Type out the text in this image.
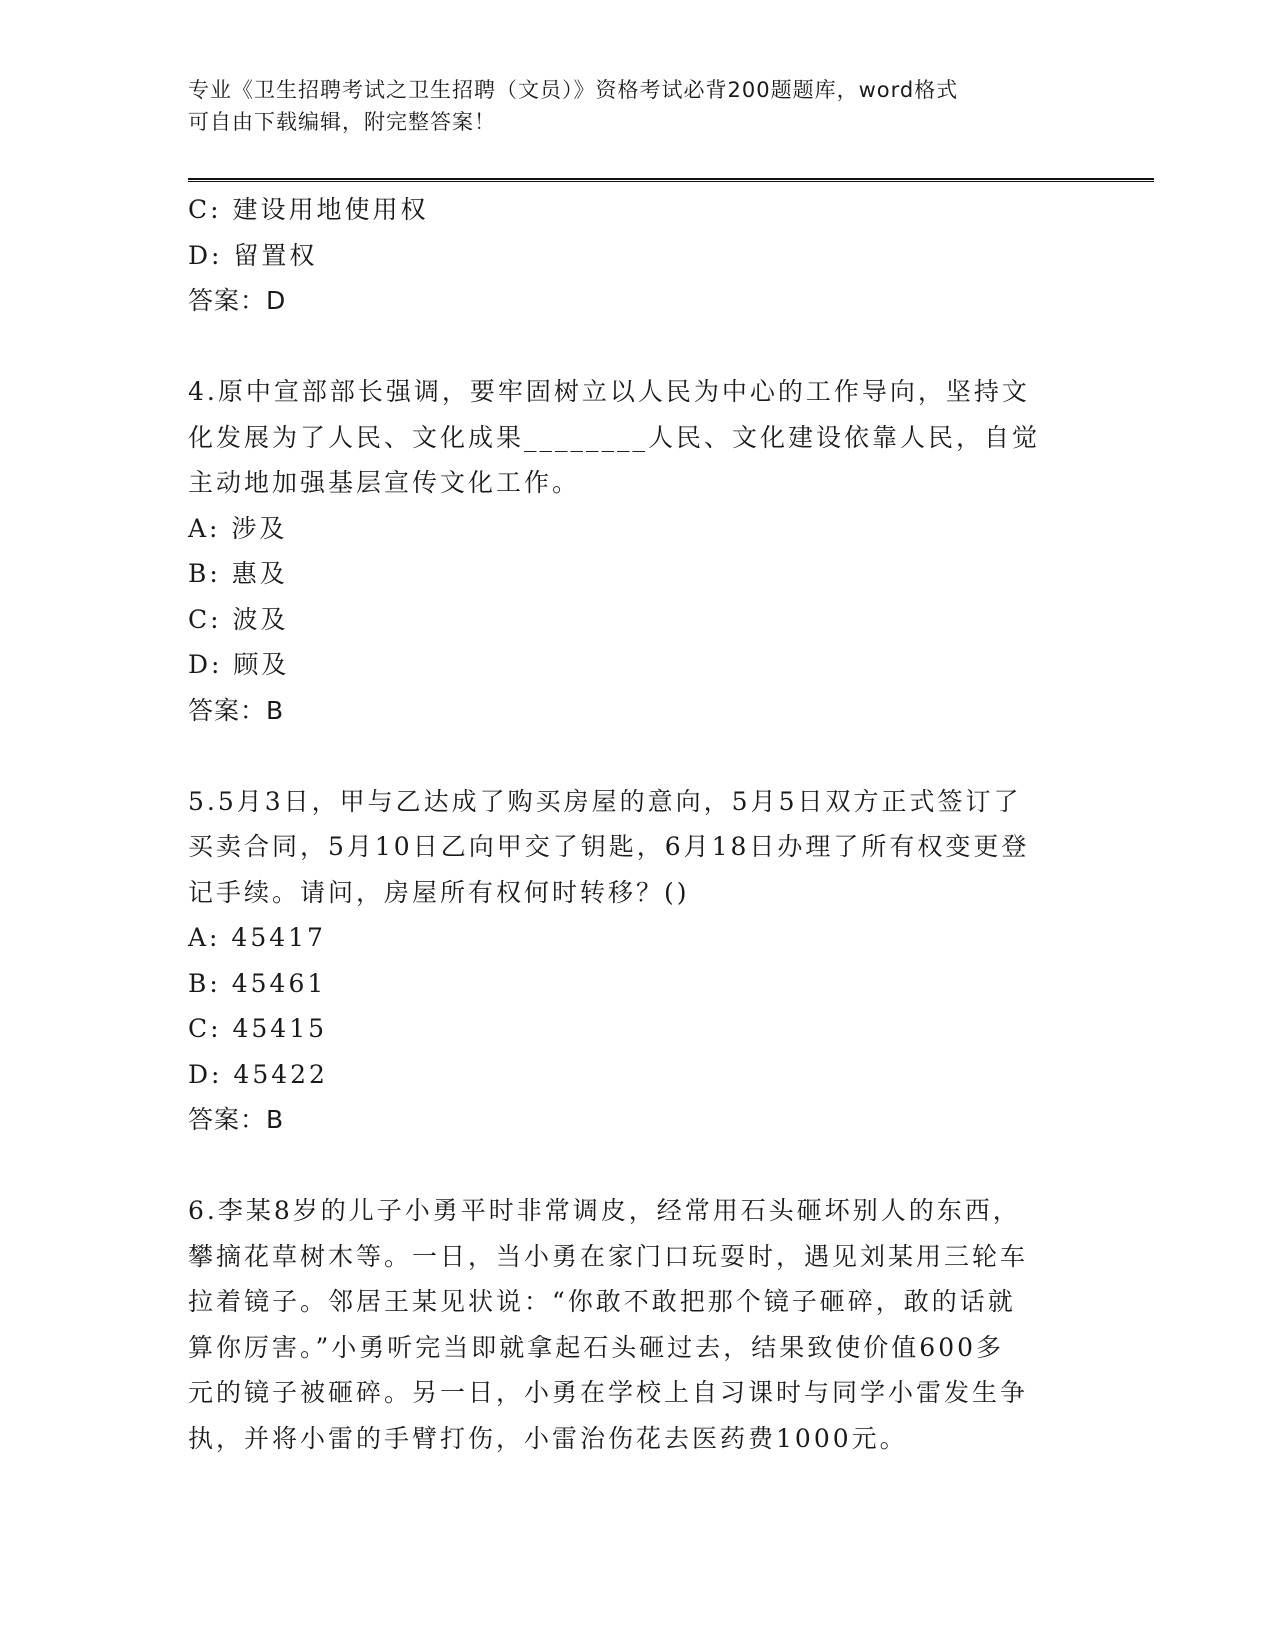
专业《卫生招聘考试之卫生招聘（文员）》资格考试必背200题题库，word格式
可自由下载编辑，附完整答案！
C: 建设用地使用权
D: 留置权
答案：D
4.原中宣部部长强调，要牢固树立以人民为中心的工作导向，坚持文
化发展为了人民、文化成果________人民、文化建设依靠人民，自觉
主动地加强基层宣传文化工作。
A: 涉及
B: 惠及
C: 波及
D: 顾及
答案：B
5.5月3日，甲与乙达成了购买房屋的意向，5月5日双方正式签订了
买卖合同，5月10日乙向甲交了钥匙，6月18日办理了所有权变更登
记手续。请问，房屋所有权何时转移？()
A: 45417
B: 45461
C: 45415
D: 45422
答案：B
6.李某8岁的儿子小勇平时非常调皮，经常用石头砸坏别人的东西，
攀摘花草树木等。一日，当小勇在家门口玩耍时，遇见刘某用三轮车
拉着镜子。邻居王某见状说：“你敢不敢把那个镜子砸碎，敢的话就
算你厉害。”小勇听完当即就拿起石头砸过去，结果致使价值600多
元的镜子被砸碎。另一日，小勇在学校上自习课时与同学小雷发生争
执，并将小雷的手臂打伤，小雷治伤花去医药费1000元。
